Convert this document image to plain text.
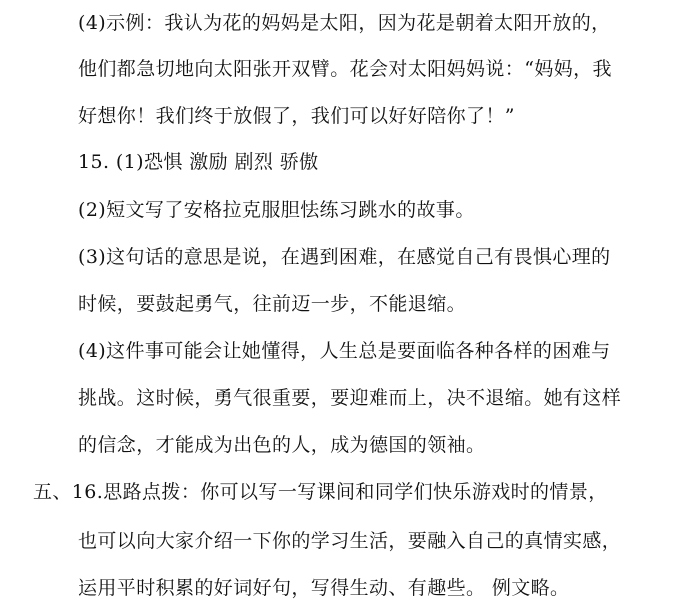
(4)示例：我认为花的妈妈是太阳，因为花是朝着太阳开放的，
他们都急切地向太阳张开双臂。花会对太阳妈妈说：“妈妈，我
好想你！我们终于放假了，我们可以好好陪你了！”
15. (1)恐惧 激励 剧烈 骄傲
(2)短文写了安格拉克服胆怯练习跳水的故事。
(3)这句话的意思是说，在遇到困难，在感觉自己有畏惧心理的
时候，要鼓起勇气，往前迈一步，不能退缩。
(4)这件事可能会让她懂得，人生总是要面临各种各样的困难与
挑战。这时候，勇气很重要，要迎难而上，决不退缩。她有这样
的信念，才能成为出色的人，成为德国的领袖。
五、16.思路点拨：你可以写一写课间和同学们快乐游戏时的情景，
也可以向大家介绍一下你的学习生活，要融入自己的真情实感，
运用平时积累的好词好句，写得生动、有趣些。 例文略。
